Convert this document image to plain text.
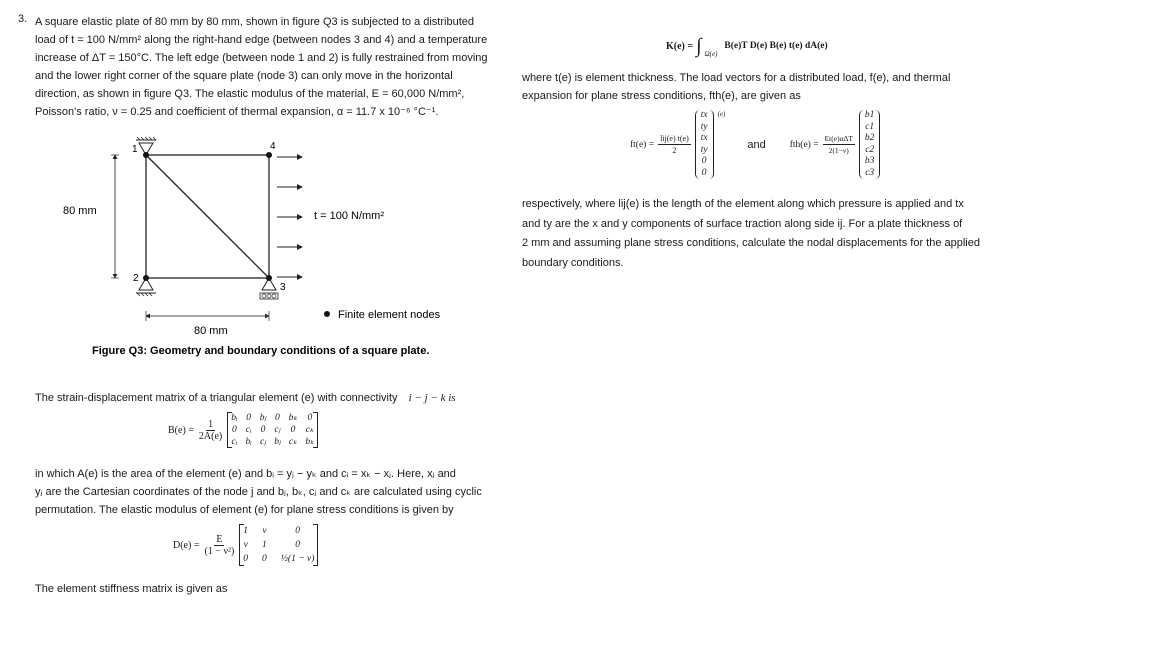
3. A square elastic plate of 80 mm by 80 mm, shown in figure Q3 is subjected to a distributed
load of t = 100 N/mm² along the right-hand edge (between nodes 3 and 4) and a temperature
increase of ΔT = 150°C. The left edge (between node 1 and 2) is fully restrained from moving
and the lower right corner of the square plate (node 3) can only move in the horizontal
direction, as shown in figure Q3. The elastic modulus of the material, E = 60,000 N/mm²,
Poisson's ratio, ν = 0.25 and coefficient of thermal expansion, α = 11.7 x 10⁻⁶ °C⁻¹.
1
2
3
4
t = 100 N/mm²
80 mm
80 mm
Finite element nodes
Figure Q3: Geometry and boundary conditions of a square plate.
The strain-displacement matrix of a triangular element (e) with connectivity i − j − k is
$B(e) = \frac{1}{2A(e)}$
bᵢ 0 bⱼ 0 bₖ 0
0 cᵢ 0 cⱼ 0 cₖ
cᵢ bᵢ cⱼ bⱼ cₖ bₖ
in which A(e) is the area of the element (e) and bᵢ = yⱼ − yₖ and cᵢ = xₖ − xⱼ. Here, xⱼ and
yⱼ are the Cartesian coordinates of the node j and bⱼ, bₖ, cⱼ and cₖ are calculated using cyclic
permutation. The elastic modulus of element (e) for plane stress conditions is given by
$D(e) = \frac{E}{\text{(1 − ν²)}}$
1 ν	0
ν 1	0
0 0 ½(1 − ν)
The element stiffness matrix is given as
K(e) = ∫ Ω(e)
B(e)T D(e) B(e) t(e) dA(e)
where t(e) is element thickness. The load vectors for a distributed load, f(e), and thermal
expansion for plane stress conditions, fth(e), are given as
$ft(e) = \frac{\text{lij(e) t(e)}}{2}$
tx
ty
tx
ty
0
0
(e)
and	$fth(e) = \frac{\text{Et(e)αΔT}}{2(1-\nu)}$
b1
c1
b2
c2
b3
c3
respectively, where lij(e) is the length of the element along which pressure is applied and tx
and ty are the x and y components of surface traction along side ij. For a plate thickness of
2 mm and assuming plane stress conditions, calculate the nodal displacements for the applied
boundary conditions.
